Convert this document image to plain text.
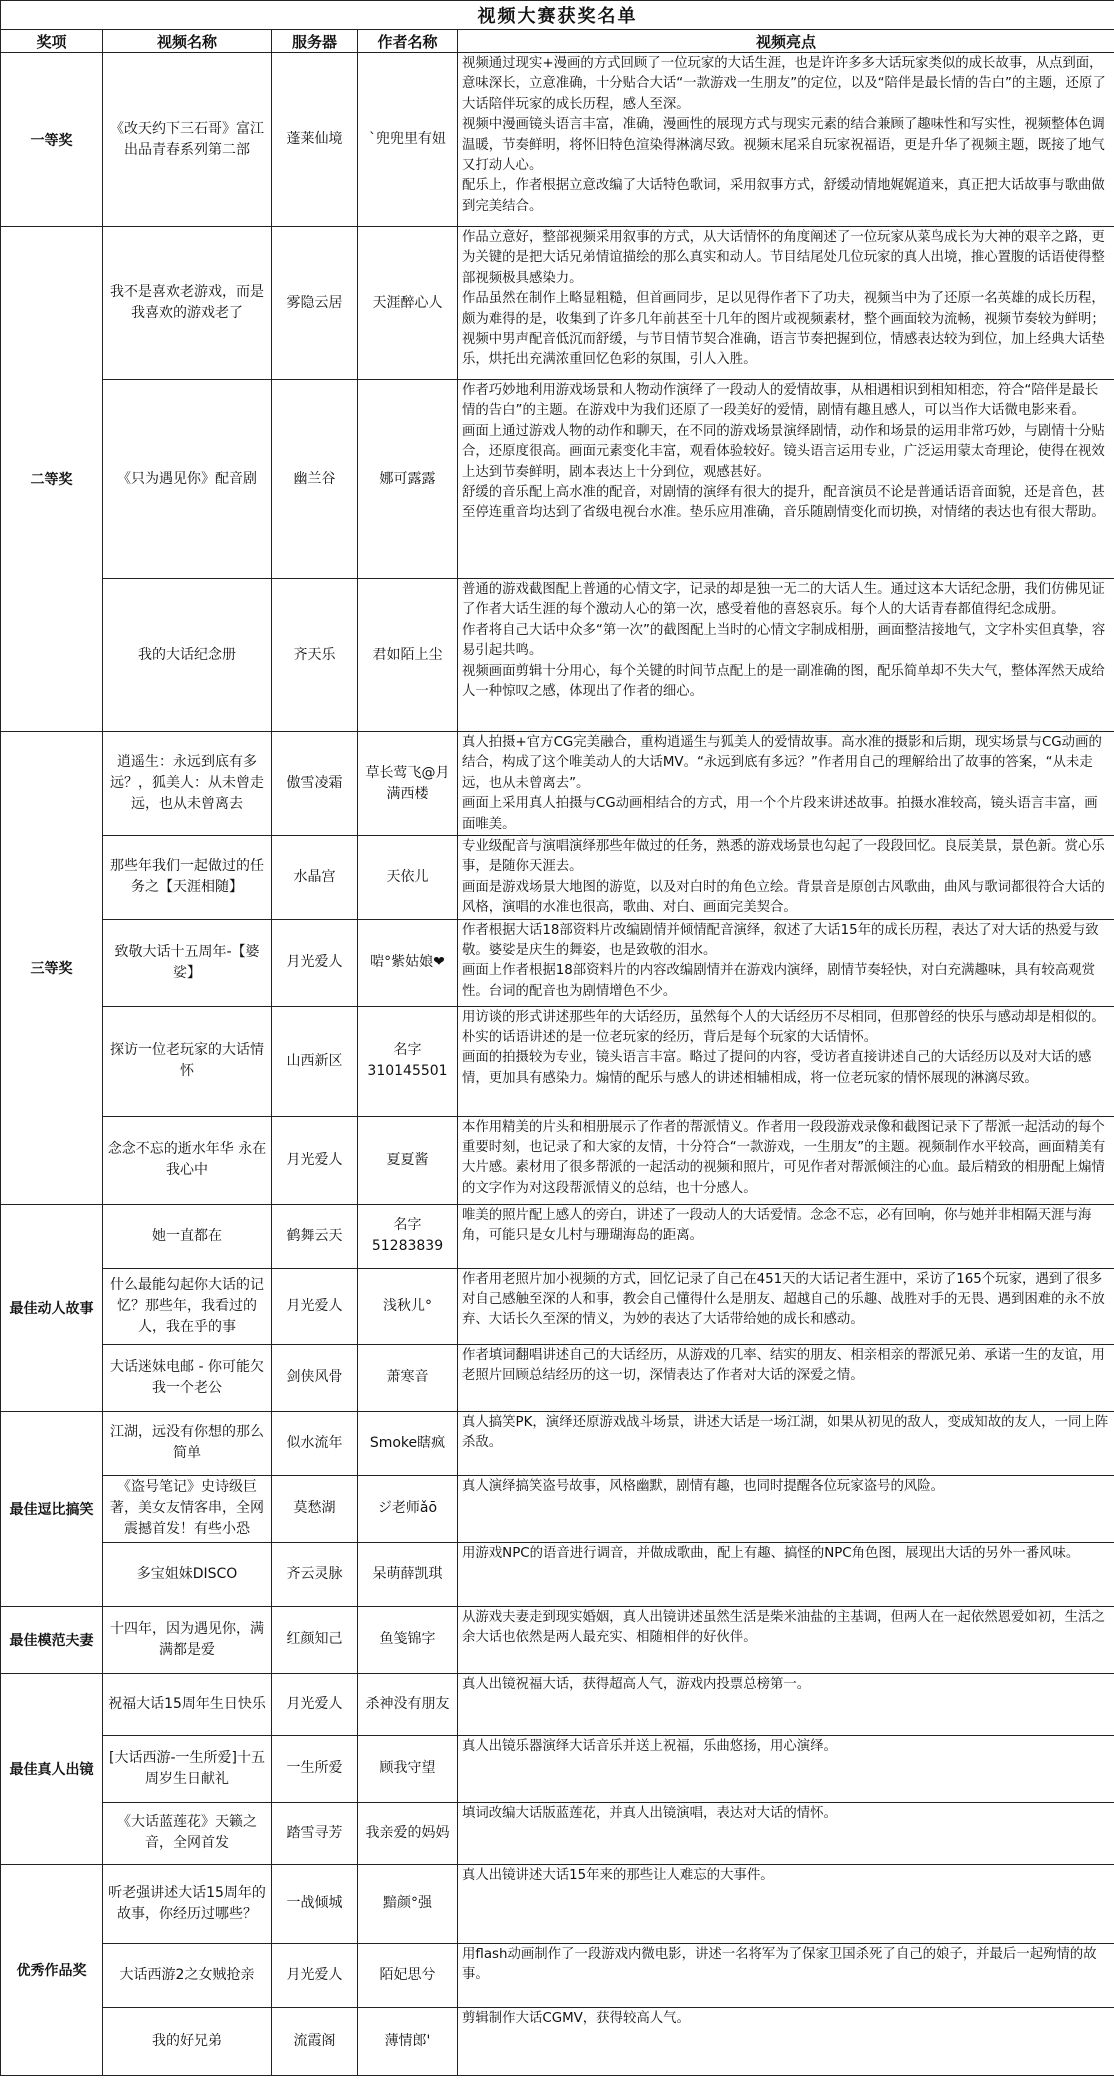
视频大赛获奖名单				
奖项	视频名称	服务器	作者名称	视频亮点
一等奖	《改天约下三石哥》富江出品青春系列第二部	蓬莱仙境	`兜兜里有妞	视频通过现实+漫画的方式回顾了一位玩家的大话生涯，也是许许多多大话玩家类似的成长故事，从点到面，意味深长，立意准确，十分贴合大话“一款游戏一生朋友”的定位，以及“陪伴是最长情的告白”的主题，还原了大话陪伴玩家的成长历程，感人至深。
视频中漫画镜头语言丰富，准确，漫画性的展现方式与现实元素的结合兼顾了趣味性和写实性，视频整体色调温暖，节奏鲜明，将怀旧特色渲染得淋漓尽致。视频末尾采自玩家祝福语，更是升华了视频主题，既接了地气又打动人心。
配乐上，作者根据立意改编了大话特色歌词，采用叙事方式，舒缓动情地娓娓道来，真正把大话故事与歌曲做到完美结合。

二等奖	我不是喜欢老游戏，而是我喜欢的游戏老了	雾隐云居	天涯醉心人	作品立意好，整部视频采用叙事的方式，从大话情怀的角度阐述了一位玩家从菜鸟成长为大神的艰辛之路，更为关键的是把大话兄弟情谊描绘的那么真实和动人。节目结尾处几位玩家的真人出境，推心置腹的话语使得整部视频极具感染力。
作品虽然在制作上略显粗糙，但首画同步，足以见得作者下了功夫，视频当中为了还原一名英雄的成长历程，颇为难得的是，收集到了许多几年前甚至十几年的图片或视频素材，整个画面较为流畅，视频节奏较为鲜明；视频中男声配音低沉而舒缓，与节目情节契合准确，语言节奏把握到位，情感表达较为到位，加上经典大话垫乐，烘托出充满浓重回忆色彩的氛围，引人入胜。

	《只为遇见你》配音剧	幽兰谷	娜可露露	作者巧妙地利用游戏场景和人物动作演绎了一段动人的爱情故事，从相遇相识到相知相恋，符合“陪伴是最长情的告白”的主题。在游戏中为我们还原了一段美好的爱情，剧情有趣且感人，可以当作大话微电影来看。
画面上通过游戏人物的动作和聊天，在不同的游戏场景演绎剧情，动作和场景的运用非常巧妙，与剧情十分贴合，还原度很高。画面元素变化丰富，观看体验较好。镜头语言运用专业，广泛运用蒙太奇理论，使得在视效上达到节奏鲜明，剧本表达上十分到位，观感甚好。
舒缓的音乐配上高水准的配音，对剧情的演绎有很大的提升，配音演员不论是普通话语音面貌，还是音色，甚至停连重音均达到了省级电视台水准。垫乐应用准确，音乐随剧情变化而切换，对情绪的表达也有很大帮助。

	我的大话纪念册	齐天乐	君如陌上尘	普通的游戏截图配上普通的心情文字，记录的却是独一无二的大话人生。通过这本大话纪念册，我们仿佛见证了作者大话生涯的每个激动人心的第一次，感受着他的喜怒哀乐。每个人的大话青春都值得纪念成册。
作者将自己大话中众多“第一次”的截图配上当时的心情文字制成相册，画面整洁接地气，文字朴实但真挚，容易引起共鸣。
视频画面剪辑十分用心，每个关键的时间节点配上的是一副准确的图，配乐简单却不失大气，整体浑然天成给人一种惊叹之感，体现出了作者的细心。

三等奖	逍遥生：永远到底有多远？，狐美人：从未曾走远，也从未曾离去	傲雪凌霜	草长莺飞@月满西楼	真人拍摄+官方CG完美融合，重构逍遥生与狐美人的爱情故事。高水准的摄影和后期，现实场景与CG动画的结合，构成了这个唯美动人的大话MV。“永远到底有多远？”作者用自己的理解给出了故事的答案，“从未走远，也从未曾离去”。
画面上采用真人拍摄与CG动画相结合的方式，用一个个片段来讲述故事。拍摄水准较高，镜头语言丰富，画面唯美。

	那些年我们一起做过的任务之【天涯相随】	水晶宫	天依儿	专业级配音与演唱演绎那些年做过的任务，熟悉的游戏场景也勾起了一段段回忆。良辰美景，景色新。赏心乐事，是随你天涯去。
画面是游戏场景大地图的游览，以及对白时的角色立绘。背景音是原创古风歌曲，曲风与歌词都很符合大话的风格，演唱的水准也很高，歌曲、对白、画面完美契合。

	致敬大话十五周年-【婆娑】	月光爱人	啱°紫姑娘❤	作者根据大话18部资料片改编剧情并倾情配音演绎，叙述了大话15年的成长历程，表达了对大话的热爱与致敬。婆娑是庆生的舞姿，也是致敬的泪水。
画面上作者根据18部资料片的内容改编剧情并在游戏内演绎，剧情节奏轻快，对白充满趣味，具有较高观赏性。台词的配音也为剧情增色不少。

	探访一位老玩家的大话情怀	山西新区	名字310145501	用访谈的形式讲述那些年的大话经历，虽然每个人的大话经历不尽相同，但那曾经的快乐与感动却是相似的。朴实的话语讲述的是一位老玩家的经历，背后是每个玩家的大话情怀。
画面的拍摄较为专业，镜头语言丰富。略过了提问的内容，受访者直接讲述自己的大话经历以及对大话的感情，更加具有感染力。煽情的配乐与感人的讲述相辅相成，将一位老玩家的情怀展现的淋漓尽致。

	念念不忘的逝水年华 永在我心中	月光爱人	夏夏酱	本作用精美的片头和相册展示了作者的帮派情义。作者用一段段游戏录像和截图记录下了帮派一起活动的每个重要时刻，也记录了和大家的友情，十分符合“一款游戏，一生朋友”的主题。视频制作水平较高，画面精美有大片感。素材用了很多帮派的一起活动的视频和照片，可见作者对帮派倾注的心血。最后精致的相册配上煽情的文字作为对这段帮派情义的总结，也十分感人。

最佳动人故事	她一直都在	鹤舞云天	名字51283839	唯美的照片配上感人的旁白，讲述了一段动人的大话爱情。念念不忘，必有回响，你与她并非相隔天涯与海角，可能只是女儿村与珊瑚海岛的距离。

	什么最能勾起你大话的记忆？那些年，我看过的人，我在乎的事	月光爱人	浅秋儿°	作者用老照片加小视频的方式，回忆记录了自己在451天的大话记者生涯中，采访了165个玩家，遇到了很多对自己感触至深的人和事，教会自己懂得什么是朋友、超越自己的乐趣、战胜对手的无畏、遇到困难的永不放弃、大话长久至深的情义，为妙的表达了大话带给她的成长和感动。

	大话迷妹电邮 - 你可能欠我一个老公	剑侠风骨	萧寒音	作者填词翻唱讲述自己的大话经历，从游戏的几率、结实的朋友、相亲相亲的帮派兄弟、承诺一生的友谊，用老照片回顾总结经历的这一切，深情表达了作者对大话的深爱之情。

最佳逗比搞笑	江湖，远没有你想的那么简单	似水流年	Smoke瞎疯	真人搞笑PK，演绎还原游戏战斗场景，讲述大话是一场江湖，如果从初见的敌人，变成知故的友人，一同上阵杀敌。

	《盗号笔记》史诗级巨著，美女友情客串，全网震撼首发！有些小恐	莫愁湖	ジ老师ǎō	真人演绎搞笑盗号故事，风格幽默，剧情有趣，也同时提醒各位玩家盗号的风险。

	多宝姐妹DISCO	齐云灵脉	呆萌薛凯琪	用游戏NPC的语音进行调音，并做成歌曲，配上有趣、搞怪的NPC角色图，展现出大话的另外一番风味。

最佳模范夫妻	十四年，因为遇见你，满满都是爱	红颜知己	鱼笺锦字	从游戏夫妻走到现实婚姻，真人出镜讲述虽然生活是柴米油盐的主基调，但两人在一起依然恩爱如初，生活之余大话也依然是两人最充实、相随相伴的好伙伴。

最佳真人出镜	祝福大话15周年生日快乐	月光爱人	杀神没有朋友	真人出镜祝福大话，获得超高人气，游戏内投票总榜第一。

	[大话西游-一生所爱]十五周岁生日献礼	一生所爱	顾我守望	真人出镜乐器演绎大话音乐并送上祝福，乐曲悠扬，用心演绎。

	《大话蓝莲花》天籁之音，全网首发	踏雪寻芳	我亲爱的妈妈	填词改编大话版蓝莲花，并真人出镜演唱，表达对大话的情怀。

优秀作品奖	听老强讲述大话15周年的故事，你经历过哪些？	一战倾城	黯颜°强	真人出镜讲述大话15年来的那些让人难忘的大事件。

	大话西游2之女贼抢亲	月光爱人	陌妃思兮	用flash动画制作了一段游戏内微电影，讲述一名将军为了保家卫国杀死了自己的娘子，并最后一起殉情的故事。

	我的好兄弟	流霞阁	薄情郎'	剪辑制作大话CGMV，获得较高人气。
